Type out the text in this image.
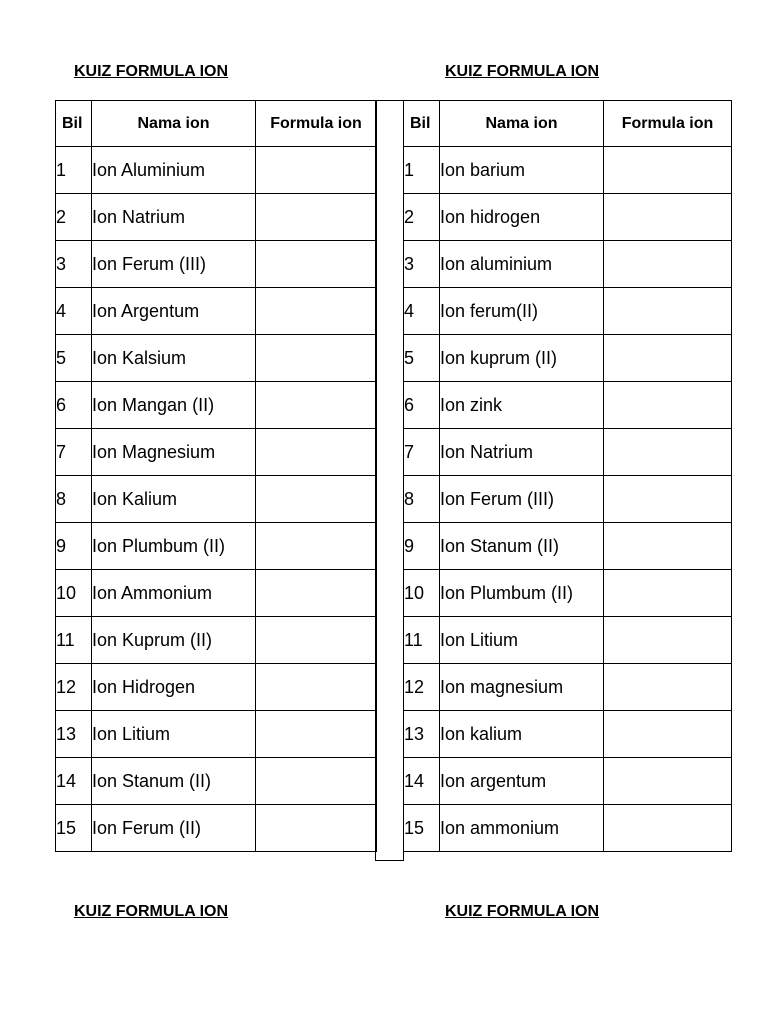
KUIZ FORMULA ION	KUIZ FORMULA ION
Bil	Nama ion	Formula ion
1	Ion Aluminium	
2	Ion Natrium	
3	Ion Ferum (III)	
4	Ion Argentum	
5	Ion Kalsium	
6	Ion Mangan (II)	
7	Ion Magnesium	
8	Ion Kalium	
9	Ion Plumbum (II)	
10	Ion Ammonium	
11	Ion Kuprum (II)	
12	Ion Hidrogen	
13	Ion Litium	
14	Ion Stanum (II)	
15	Ion Ferum (II)	
Bil	Nama ion	Formula ion
1	Ion barium	
2	Ion hidrogen	
3	Ion aluminium	
4	Ion ferum(II)	
5	Ion kuprum (II)	
6	Ion zink	
7	Ion Natrium	
8	Ion Ferum (III)	
9	Ion Stanum (II)	
10	Ion Plumbum (II)	
11	Ion Litium	
12	Ion magnesium	
13	Ion kalium	
14	Ion argentum	
15	Ion ammonium	
KUIZ FORMULA ION	KUIZ FORMULA ION
